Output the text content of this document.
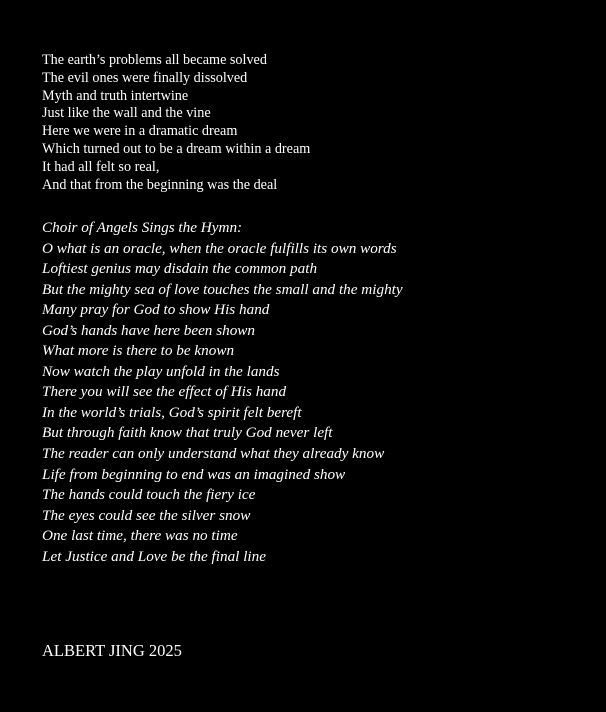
The earth’s problems all became solved
The evil ones were finally dissolved
Myth and truth intertwine
Just like the wall and the vine
Here we were in a dramatic dream
Which turned out to be a dream within a dream
It had all felt so real,
And that from the beginning was the deal
Choir of Angels Sings the Hymn:
O what is an oracle, when the oracle fulfills its own words
Loftiest genius may disdain the common path
But the mighty sea of love touches the small and the mighty
Many pray for God to show His hand
God’s hands have here been shown
What more is there to be known
Now watch the play unfold in the lands
There you will see the effect of His hand
In the world’s trials, God’s spirit felt bereft
But through faith know that truly God never left
The reader can only understand what they already know
Life from beginning to end was an imagined show
The hands could touch the fiery ice
The eyes could see the silver snow
One last time, there was no time
Let Justice and Love be the final line
ALBERT JING 2025
